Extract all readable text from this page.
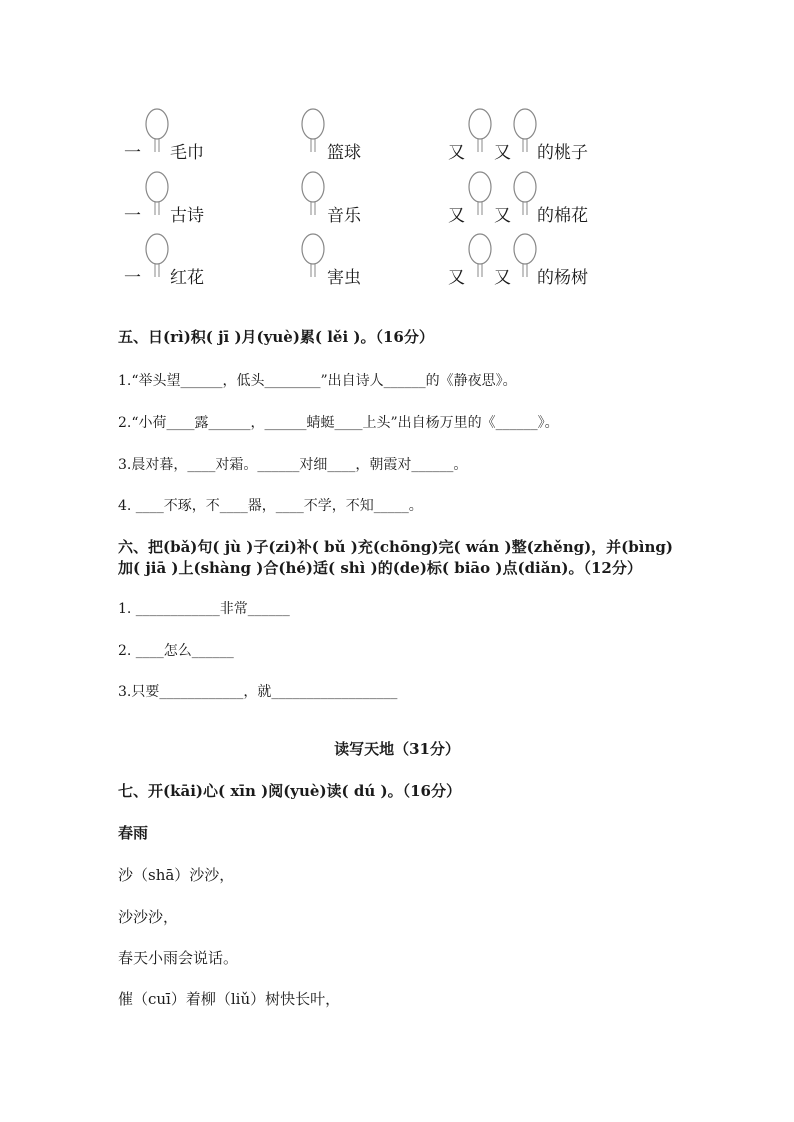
一 毛巾	篮球	又 又 的桃子
一 古诗	音乐	又 又 的棉花
一 红花	害虫	又 又 的杨树
五、日(rì)积( jī )月(yuè)累( lěi )。（16分）
1.“举头望______，低头________”出自诗人______的《静夜思》。
2.“小荷____露______，______蜻蜓____上头”出自杨万里的《______》。
3.晨对暮，____对霜。______对细____，朝霞对______。
4. ____不琢，不____器，____不学，不知_____。
六、把(bǎ)句( jù )子(zi)补( bǔ )充(chōng)完( wán )整(zhěng)，并(bìng)
加( jiā )上(shàng )合(hé)适( shì )的(de)标( biāo )点(diǎn)。（12分）
1. ____________非常______
2. ____怎么______
3.只要____________，就__________________
读写天地（31分）
七、开(kāi)心( xīn )阅(yuè)读( dú )。（16分）
春雨
沙（shā）沙沙，
沙沙沙，
春天小雨会说话。
催（cuī）着柳（liǔ）树快长叶，
